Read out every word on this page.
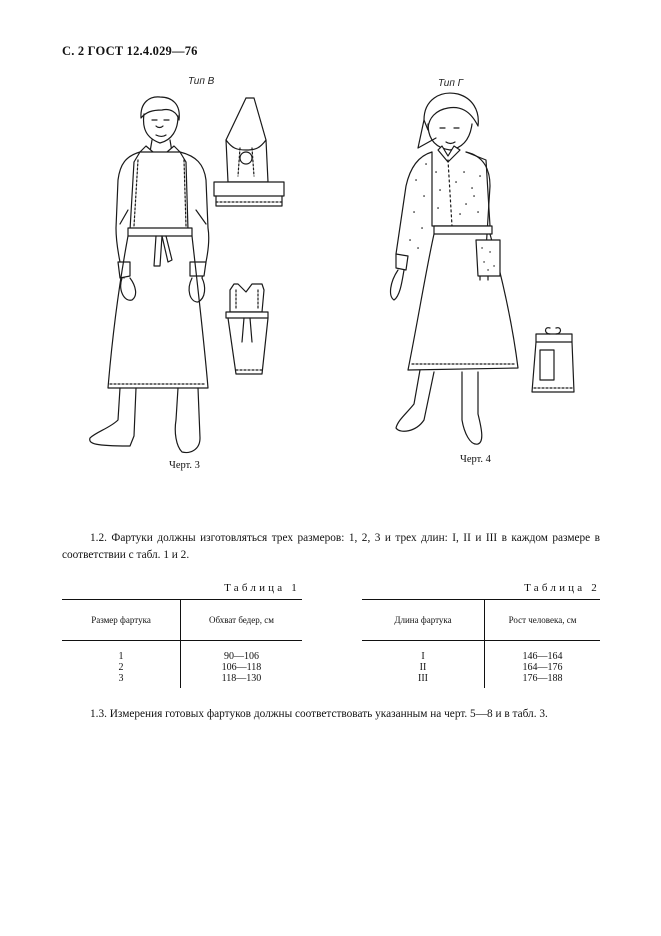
С. 2 ГОСТ 12.4.029—76
Тип В
Черт. 3
Тип Г
Черт. 4
1.2. Фартуки должны изготовляться трех размеров: 1, 2, 3 и трех длин: I, II и III в каждом размере в соответствии с табл. 1 и 2.
Таблица 1
Размер фартука	Обхват бедер, см
1	90—106
2	106—118
3	118—130
Таблица 2
Длина фартука	Рост человека, см
I	146—164
II	164—176
III	176—188
1.3. Измерения готовых фартуков должны соответствовать указанным на черт. 5—8 и в табл. 3.
